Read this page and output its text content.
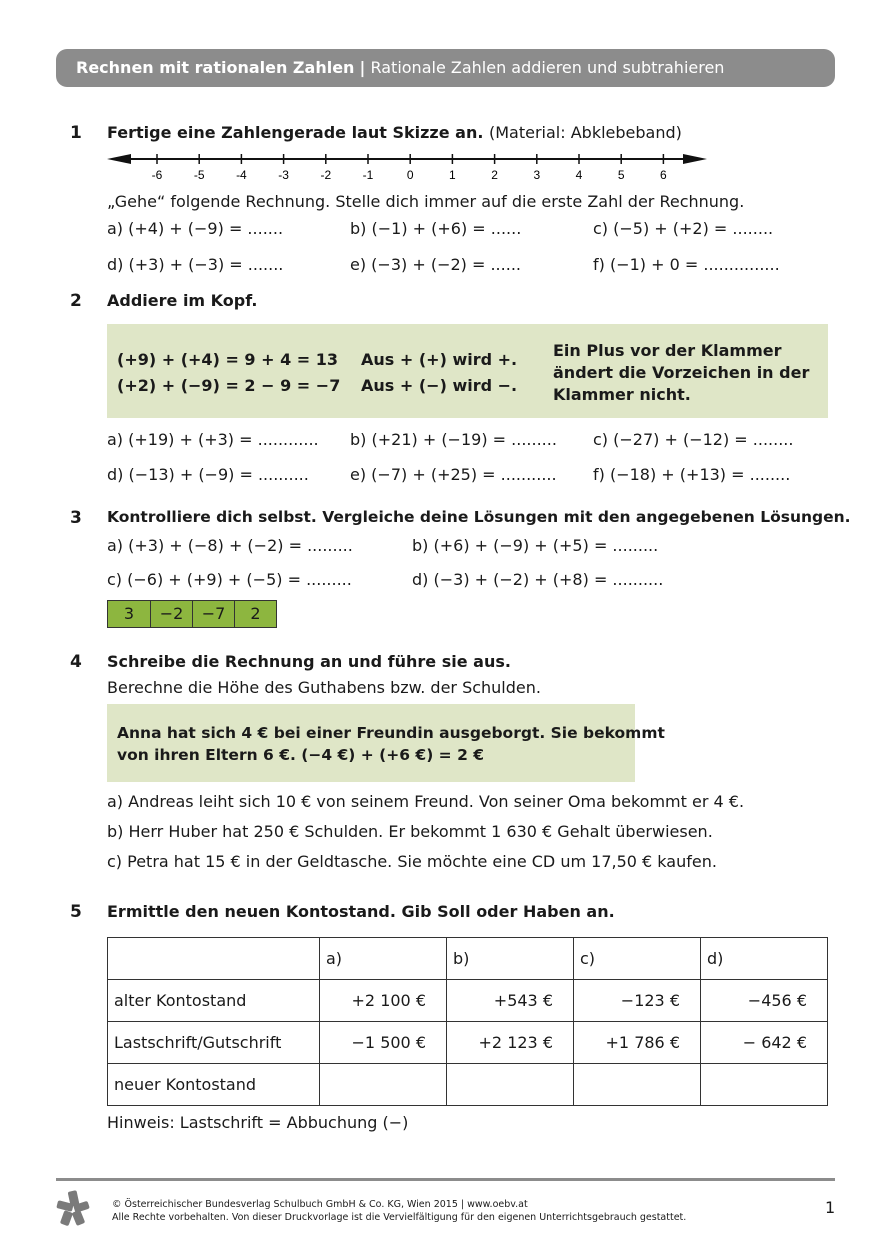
Rechnen mit rationalen Zahlen | Rationale Zahlen addieren und subtrahieren
1 Fertige eine Zahlengerade laut Skizze an. (Material: Abklebeband)
-6	-5	-4	-3	-2	-1	0	1	2	3	4	5	6
„Gehe“ folgende Rechnung. Stelle dich immer auf die erste Zahl der Rechnung.
a) (+4) + (−9) = .......	b) (−1) + (+6) = ......	c) (−5) + (+2) = ........
d) (+3) + (−3) = .......	e) (−3) + (−2) = ......	f) (−1) + 0 = ...............
2 Addiere im Kopf.
(+9) + (+4) = 9 + 4 = 13
(+2) + (−9) = 2 − 9 = −7
Aus + (+) wird +.
Aus + (−) wird −.
Ein Plus vor der Klammer
ändert die Vorzeichen in der
Klammer nicht.
a) (+19) + (+3) = ............ b) (+21) + (−19) = ......... c) (−27) + (−12) = ........
d) (−13) + (−9) = ..........	e) (−7) + (+25) = ........... f) (−18) + (+13) = ........
3 Kontrolliere dich selbst. Vergleiche deine Lösungen mit den angegebenen Lösungen.
a) (+3) + (−8) + (−2) = .........	b) (+6) + (−9) + (+5) = .........
c) (−6) + (+9) + (−5) = .........	d) (−3) + (−2) + (+8) = ..........
3	−2	−7	2
4 Schreibe die Rechnung an und führe sie aus.
Berechne die Höhe des Guthabens bzw. der Schulden.
Anna hat sich 4 € bei einer Freundin ausgeborgt. Sie bekommt
von ihren Eltern 6 €. (−4 €) + (+6 €) = 2 €
a) Andreas leiht sich 10 € von seinem Freund. Von seiner Oma bekommt er 4 €.
b) Herr Huber hat 250 € Schulden. Er bekommt 1 630 € Gehalt überwiesen.
c) Petra hat 15 € in der Geldtasche. Sie möchte eine CD um 17,50 € kaufen.
5 Ermittle den neuen Kontostand. Gib Soll oder Haben an.
	a)	b)	c)	d)
alter Kontostand	+2 100 €	+543 €	−123 €	−456 €
Lastschrift/Gutschrift	−1 500 €	+2 123 €	+1 786 €	− 642 €
neuer Kontostand				
Hinweis: Lastschrift = Abbuchung (−)
© Österreichischer Bundesverlag Schulbuch GmbH & Co. KG, Wien 2015 | www.oebv.at
Alle Rechte vorbehalten. Von dieser Druckvorlage ist die Vervielfältigung für den eigenen Unterrichtsgebrauch gestattet.
1
